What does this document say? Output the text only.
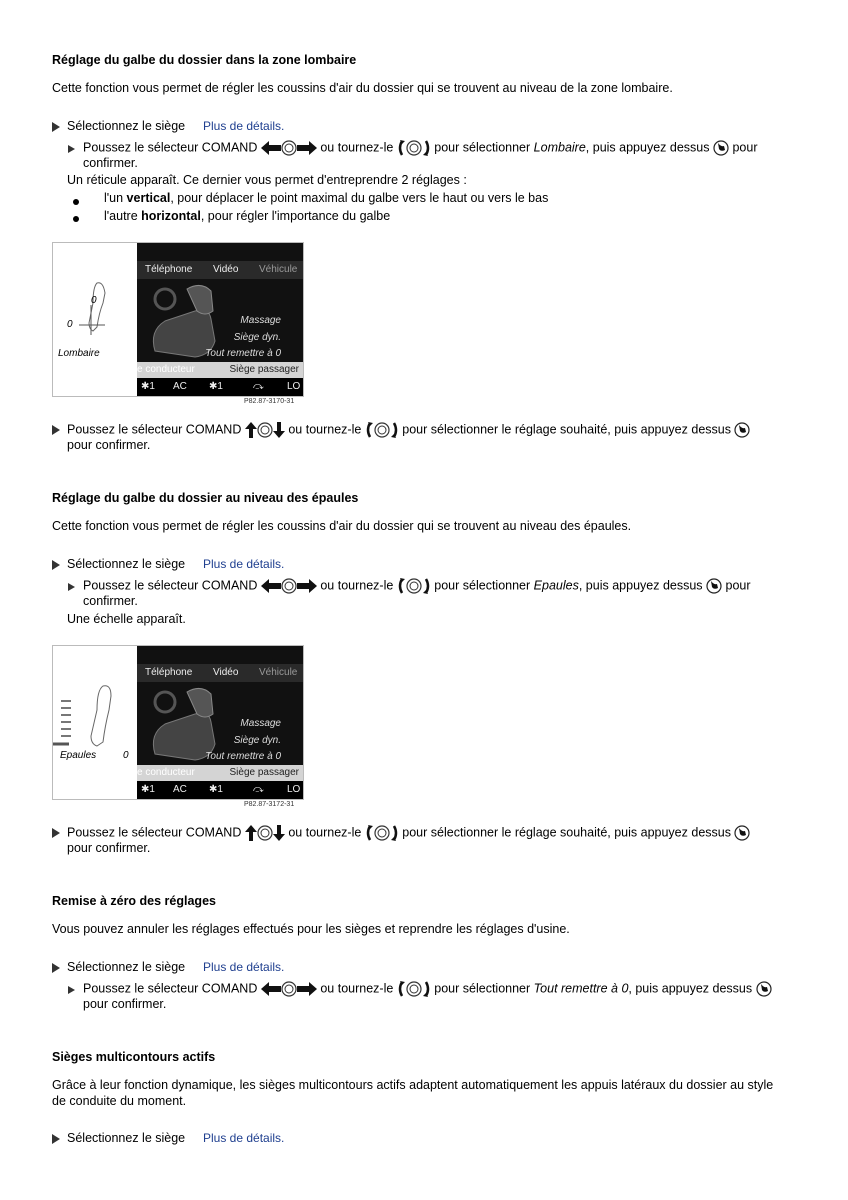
Réglage du galbe du dossier dans la zone lombaire
Cette fonction vous permet de régler les coussins d'air du dossier qui se trouvent au niveau de la zone lombaire.
Sélectionnez le siège Plus de détails.
Poussez le sélecteur COMAND	ou tournez-le	pour sélectionner Lombaire, puis appuyez dessus pour
confirmer.
Un réticule apparaît. Ce dernier vous permet d'entreprendre 2 réglages :
l'un vertical, pour déplacer le point maximal du galbe vers le haut ou vers le bas
l'autre horizontal, pour régler l'importance du galbe
0
0
Lombaire
Téléphone Vidéo Véhicule
Massage
Siège dyn.
Tout remettre à 0
e conducteur	Siège passager
✱1 AC ✱1	⤼ LO
P82.87-3170-31
Poussez le sélecteur COMAND	ou tournez-le	pour sélectionner le réglage souhaité, puis appuyez dessus
pour confirmer.
Réglage du galbe du dossier au niveau des épaules
Cette fonction vous permet de régler les coussins d'air du dossier qui se trouvent au niveau des épaules.
Sélectionnez le siège Plus de détails.
Poussez le sélecteur COMAND	ou tournez-le	pour sélectionner Epaules, puis appuyez dessus pour
confirmer.
Une échelle apparaît.
Epaules	0
Téléphone Vidéo Véhicule
Massage
Siège dyn.
Tout remettre à 0
e conducteur	Siège passager
✱1 AC ✱1	⤼ LO
P82.87-3172-31
Poussez le sélecteur COMAND	ou tournez-le	pour sélectionner le réglage souhaité, puis appuyez dessus
pour confirmer.
Remise à zéro des réglages
Vous pouvez annuler les réglages effectués pour les sièges et reprendre les réglages d'usine.
Sélectionnez le siège Plus de détails.
Poussez le sélecteur COMAND	ou tournez-le	pour sélectionner Tout remettre à 0, puis appuyez dessus
pour confirmer.
Sièges multicontours actifs
Grâce à leur fonction dynamique, les sièges multicontours actifs adaptent automatiquement les appuis latéraux du dossier au style
de conduite du moment.
Sélectionnez le siège Plus de détails.
